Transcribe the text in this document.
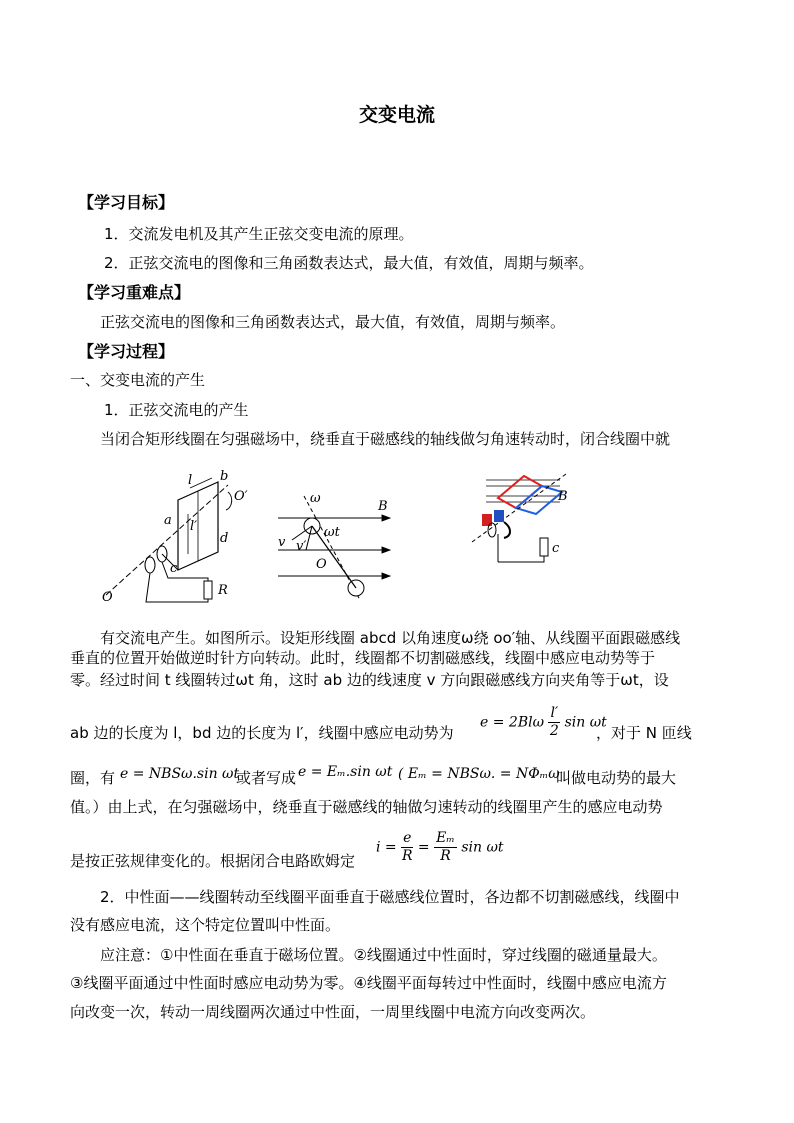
交变电流
【学习目标】
1．交流发电机及其产生正弦交变电流的原理。
2．正弦交流电的图像和三角函数表达式，最大值，有效值，周期与频率。
【学习重难点】
正弦交流电的图像和三角函数表达式，最大值，有效值，周期与频率。
【学习过程】
一、交变电流的产生
1．正弦交流电的产生
当闭合矩形线圈在匀强磁场中，绕垂直于磁感线的轴线做匀角速转动时，闭合线圈中就
l b
O′
a l′
d
c
O	R
ω
ωt
B
v v′
O
B
c
有交流电产生。如图所示。设矩形线圈 abcd 以角速度ω绕 oo′轴、从线圈平面跟磁感线
垂直的位置开始做逆时针方向转动。此时，线圈都不切割磁感线，线圈中感应电动势等于
零。经过时间 t 线圈转过ωt 角，这时 ab 边的线速度 v 方向跟磁感线方向夹角等于ωt，设
ab 边的长度为 l，bd 边的长度为 l′，线圈中感应电动势为
$e = 2Bl\omega \frac{l'}{2}$ sin ωt
，对于 N 匝线
圈，有 e = NBSω.sin ωt
或者写成 e = Eₘ.sin ωt ( Eₘ = NBSω. = NΦₘω
叫做电动势的最大
值。）由上式，在匀强磁场中，绕垂直于磁感线的轴做匀速转动的线圈里产生的感应电动势
是按正弦规律变化的。根据闭合电路欧姆定
$i = \frac{e}{R} = \frac{\text{Eₘ}}{R}$ sin ωt
2．中性面——线圈转动至线圈平面垂直于磁感线位置时，各边都不切割磁感线，线圈中
没有感应电流，这个特定位置叫中性面。
应注意：①中性面在垂直于磁场位置。②线圈通过中性面时，穿过线圈的磁通量最大。
③线圈平面通过中性面时感应电动势为零。④线圈平面每转过中性面时，线圈中感应电流方
向改变一次，转动一周线圈两次通过中性面，一周里线圈中电流方向改变两次。
